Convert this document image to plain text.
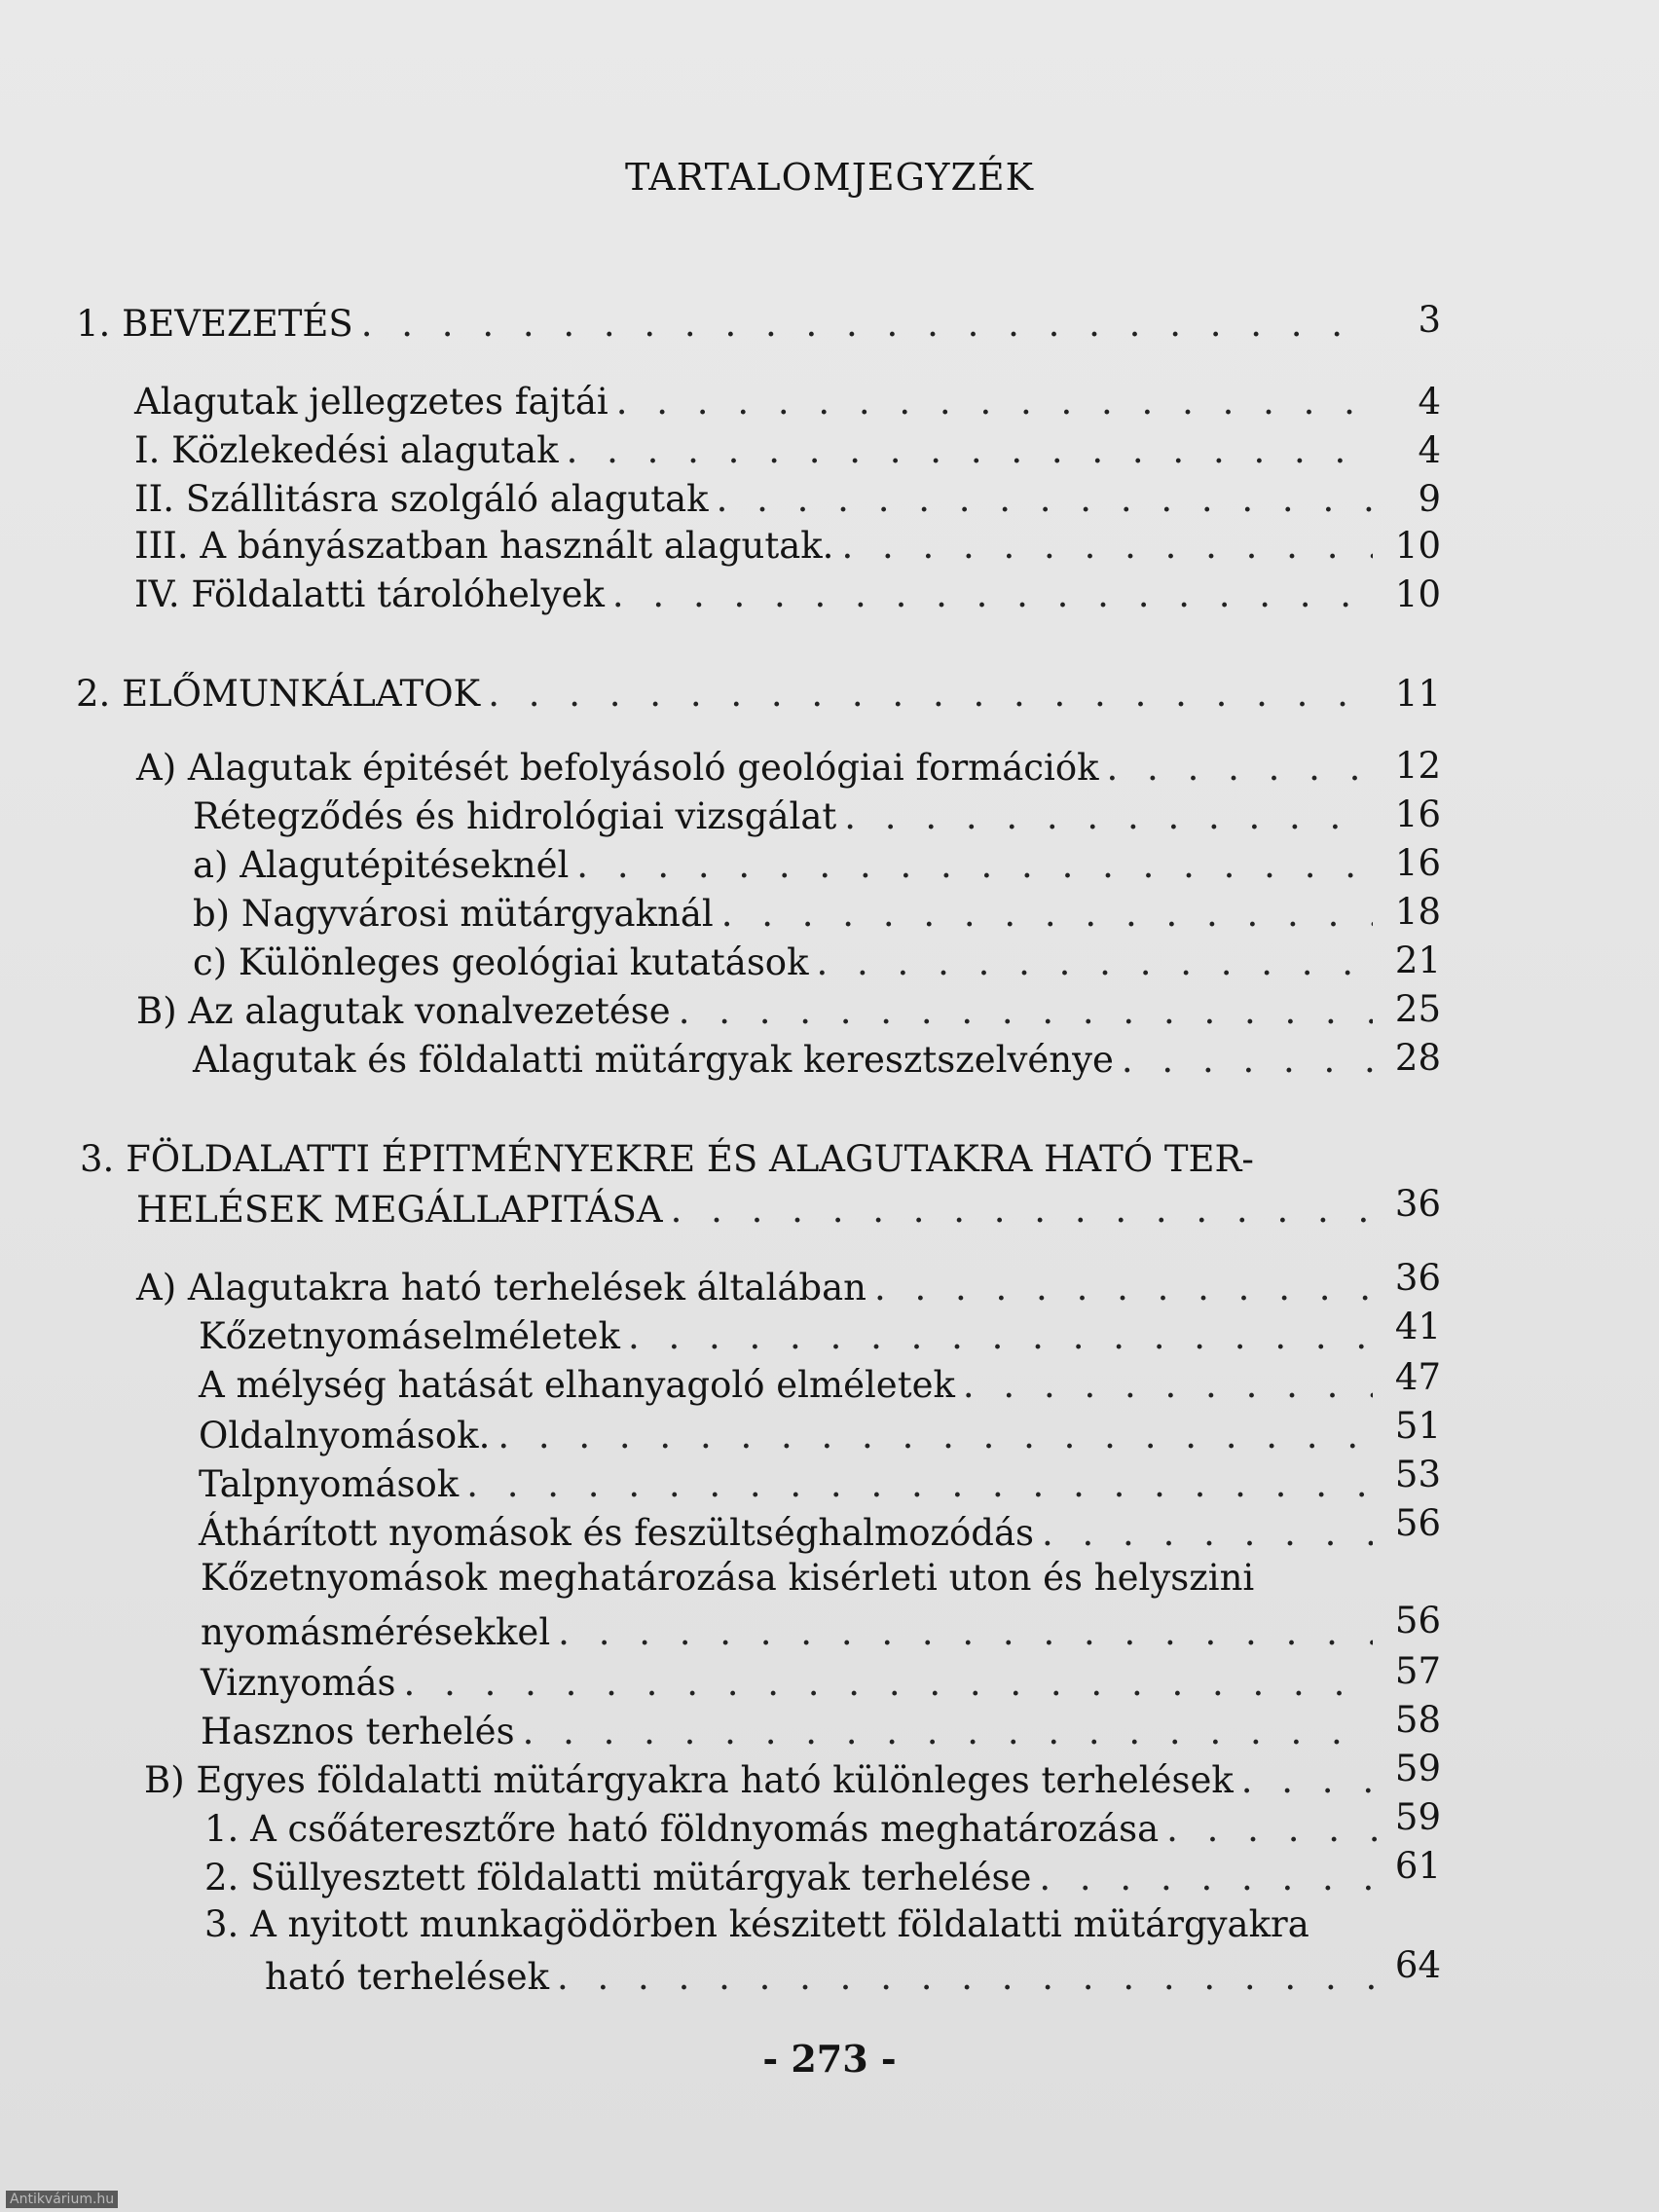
TARTALOMJEGYZÉK
1. BEVEZETÉS . . .	3
Alagutak jellegzetes fajtái . . .	4
I. Közlekedési alagutak . . .	4
II. Szállitásra szolgáló alagutak . . .	9
III. A bányászatban használt alagutak. . . .	10
IV. Földalatti tárolóhelyek . . .	10
2. ELŐMUNKÁLATOK . . .	11
A) Alagutak épitését befolyásoló geológiai formációk . . .	12
Rétegződés és hidrológiai vizsgálat . . .	16
a) Alagutépitéseknél . . .	16
b) Nagyvárosi mütárgyaknál . . .	18
c) Különleges geológiai kutatások . . .	21
B) Az alagutak vonalvezetése . . .	25
Alagutak és földalatti mütárgyak keresztszelvénye . . .	28
3. FÖLDALATTI ÉPITMÉNYEKRE ÉS ALAGUTAKRA HATÓ TER-
HELÉSEK MEGÁLLAPITÁSA . . .	36
A) Alagutakra ható terhelések általában . . .	36
Kőzetnyomáselméletek . . .	41
A mélység hatását elhanyagoló elméletek . . .	47
Oldalnyomások. . . .	51
Talpnyomások . . .	53
Áthárított nyomások és feszültséghalmozódás . . .	56
Kőzetnyomások meghatározása kisérleti uton és helyszini
nyomásmérésekkel . . .	56
Viznyomás . . .	57
Hasznos terhelés . . .	58
B) Egyes földalatti mütárgyakra ható különleges terhelések . . .	59
1. A csőáteresztőre ható földnyomás meghatározása . . .	59
2. Süllyesztett földalatti mütárgyak terhelése . . .	61
3. A nyitott munkagödörben készitett földalatti mütárgyakra
ható terhelések . . .	64
- 273 -
Antikvárium.hu
